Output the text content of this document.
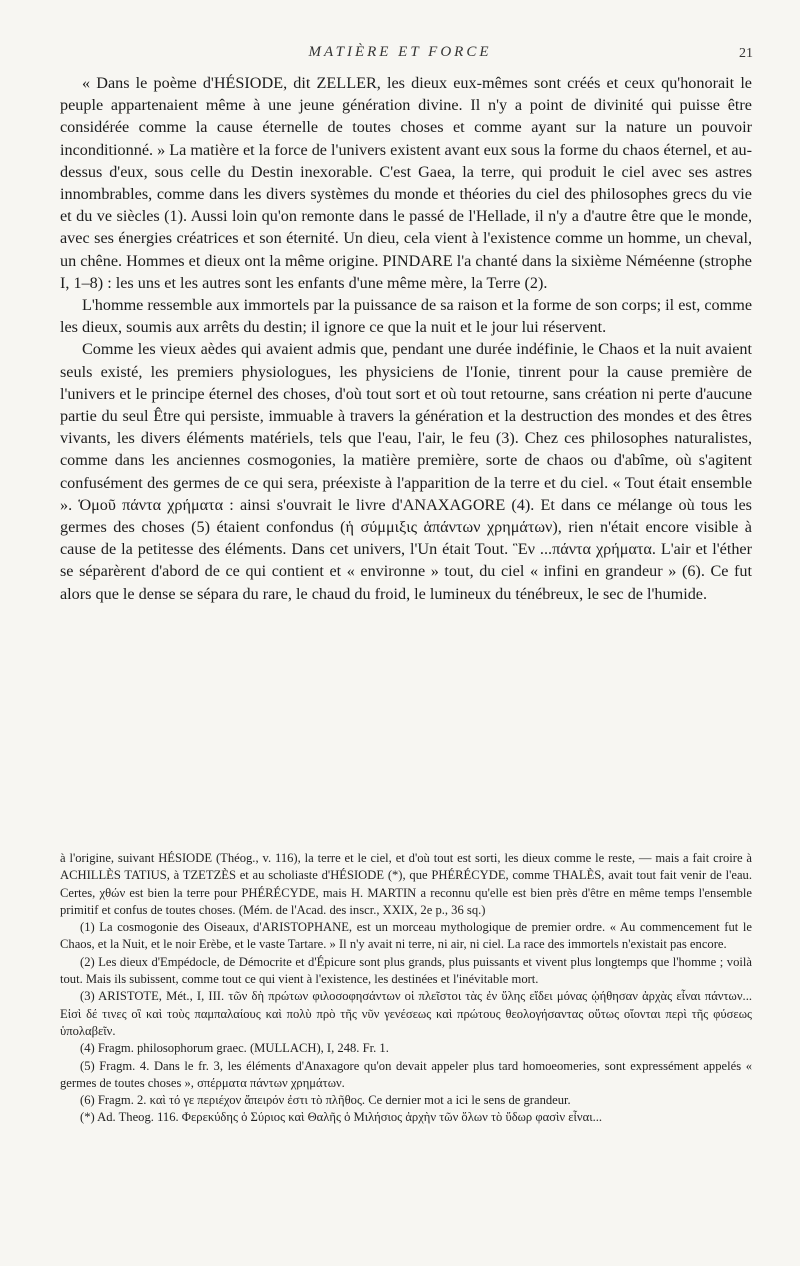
MATIÈRE ET FORCE	21

« Dans le poème d'HÉSIODE, dit ZELLER, les dieux eux-mêmes sont créés et ceux qu'honorait le peuple appartenaient même à une jeune génération divine. Il n'y a point de divinité qui puisse être considérée comme la cause éternelle de toutes choses et comme ayant sur la nature un pouvoir inconditionné. » La matière et la force de l'univers existent avant eux sous la forme du chaos éternel, et au-dessus d'eux, sous celle du Destin inexorable. C'est Gaea, la terre, qui produit le ciel avec ses astres innombrables, comme dans les divers systèmes du monde et théories du ciel des philosophes grecs du vie et du ve siècles (1). Aussi loin qu'on remonte dans le passé de l'Hellade, il n'y a d'autre être que le monde, avec ses énergies créatrices et son éternité. Un dieu, cela vient à l'existence comme un homme, un cheval, un chêne. Hommes et dieux ont la même origine. PINDARE l'a chanté dans la sixième Néméenne (strophe I, 1–8) : les uns et les autres sont les enfants d'une même mère, la Terre (2).

L'homme ressemble aux immortels par la puissance de sa raison et la forme de son corps; il est, comme les dieux, soumis aux arrêts du destin; il ignore ce que la nuit et le jour lui réservent.

Comme les vieux aèdes qui avaient admis que, pendant une durée indéfinie, le Chaos et la nuit avaient seuls existé, les premiers physiologues, les physiciens de l'Ionie, tinrent pour la cause première de l'univers et le principe éternel des choses, d'où tout sort et où tout retourne, sans création ni perte d'aucune partie du seul Être qui persiste, immuable à travers la génération et la destruction des mondes et des êtres vivants, les divers éléments matériels, tels que l'eau, l'air, le feu (3). Chez ces philosophes naturalistes, comme dans les anciennes cosmogonies, la matière première, sorte de chaos ou d'abîme, où s'agitent confusément des germes de ce qui sera, préexiste à l'apparition de la terre et du ciel. « Tout était ensemble ». Ὁμοῦ πάντα χρήματα : ainsi s'ouvrait le livre d'ANAXAGORE (4). Et dans ce mélange où tous les germes des choses (5) étaient confondus (ἡ σύμμιξις ἁπάντων χρημάτων), rien n'était encore visible à cause de la petitesse des éléments. Dans cet univers, l'Un était Tout. Ἓν ...πάντα χρήματα. L'air et l'éther se séparèrent d'abord de ce qui contient et « environne » tout, du ciel « infini en grandeur » (6). Ce fut alors que le dense se sépara du rare, le chaud du froid, le lumineux du ténébreux, le sec de l'humide.

à l'origine, suivant HÉSIODE (Théog., v. 116), la terre et le ciel, et d'où tout est sorti, les dieux comme le reste, — mais a fait croire à ACHILLÈS TATIUS, à TZETZÈS et au scholiaste d'HÉSIODE (*), que PHÉRÉCYDE, comme THALÈS, avait tout fait venir de l'eau. Certes, χθών est bien la terre pour PHÉRÉCYDE, mais H. MARTIN a reconnu qu'elle est bien près d'être en même temps l'ensemble primitif et confus de toutes choses. (Mém. de l'Acad. des inscr., XXIX, 2e p., 36 sq.)

(1) La cosmogonie des Oiseaux, d'ARISTOPHANE, est un morceau mythologique de premier ordre. « Au commencement fut le Chaos, et la Nuit, et le noir Erèbe, et le vaste Tartare. » Il n'y avait ni terre, ni air, ni ciel. La race des immortels n'existait pas encore.

(2) Les dieux d'Empédocle, de Démocrite et d'Épicure sont plus grands, plus puissants et vivent plus longtemps que l'homme ; voilà tout. Mais ils subissent, comme tout ce qui vient à l'existence, les destinées et l'inévitable mort.

(3) ARISTOTE, Mét., I, III. τῶν δὴ πρώτων φιλοσοφησάντων οἱ πλεῖστοι τὰς ἐν ὕλης εἴδει μόνας ᾠήθησαν ἀρχὰς εἶναι πάντων... Εἰσὶ δέ τινες οἳ καὶ τοὺς παμπαλαίους καὶ πολὺ πρὸ τῆς νῦν γενέσεως καὶ πρώτους θεολογήσαντας οὕτως οἴονται περὶ τῆς φύσεως ὑπολαβεῖν.

(4) Fragm. philosophorum graec. (MULLACH), I, 248. Fr. 1.

(5) Fragm. 4. Dans le fr. 3, les éléments d'Anaxagore qu'on devait appeler plus tard homoeomeries, sont expressément appelés « germes de toutes choses », σπέρματα πάντων χρημάτων.

(6) Fragm. 2. καὶ τό γε περιέχον ἄπειρόν ἐστι τὸ πλῆθος. Ce dernier mot a ici le sens de grandeur.

(*) Ad. Theog. 116. Φερεκύδης ὁ Σύριος καὶ Θαλῆς ὁ Μιλήσιος ἀρχὴν τῶν ὅλων τὸ ὕδωρ φασὶν εἶναι...
